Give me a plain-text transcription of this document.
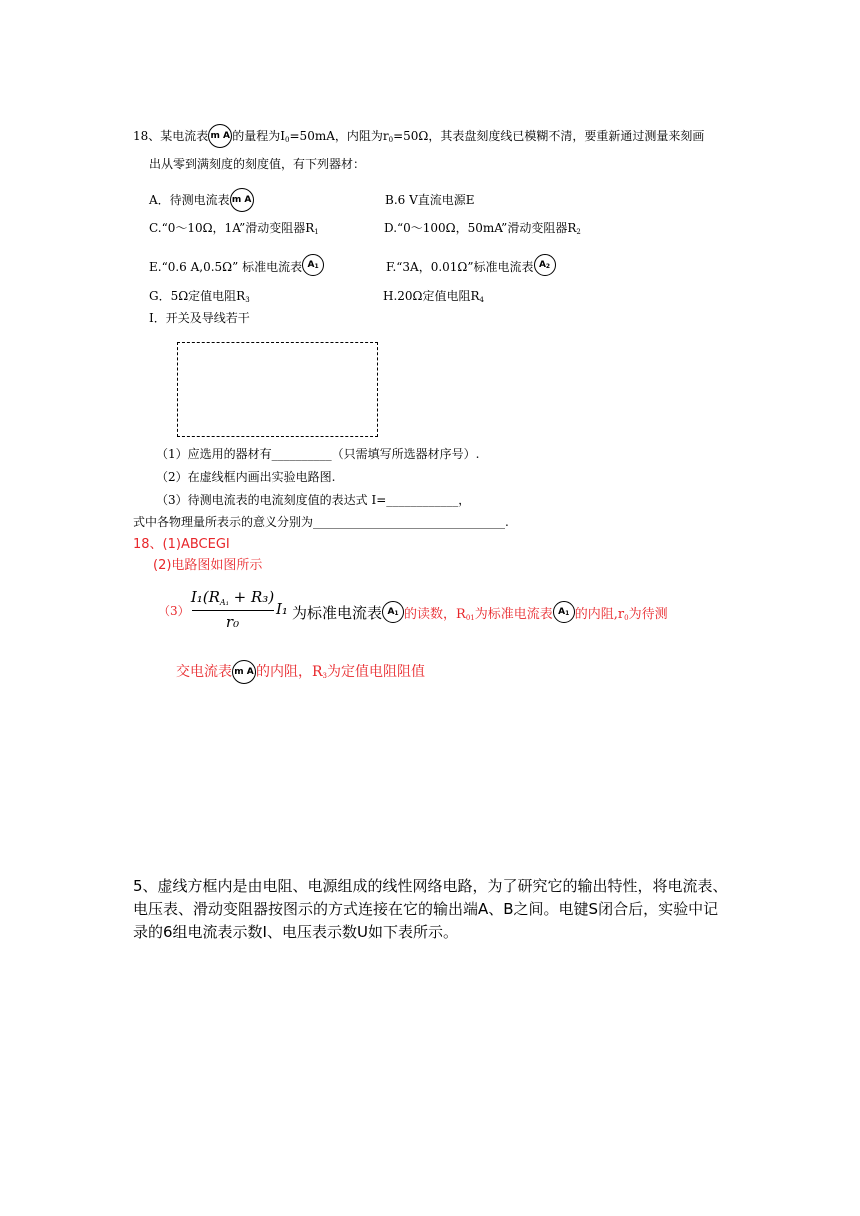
18、某电流表 m A 的量程为$I_0=50mA$，内阻为$r_0=50\Omega$，其表盘刻度线已模糊不清，要重新通过测量来刻画
出从零到满刻度的刻度值，有下列器材：
A．待测电流表 m A	B.6 V直流电源E
C.“0～10Ω，1A”滑动变阻器$R_1$	D.“0～100Ω，50mA”滑动变阻器$R_2$
E.“0.6 A,0.5Ω” 标准电流表 $A_1$	F.“3A，0.01Ω”标准电流表 $A_2$
G．5Ω定值电阻$R_3$	H.20Ω定值电阻$R_4$
I．开关及导线若干
（1）应选用的器材有__________（只需填写所选器材序号）.
（2）在虚线框内画出实验电路图.
（3）待测电流表的电流刻度值的表达式 I=____________，
式中各物理量所表示的意义分别为________________________________.
18、(1)ABCEGI
(2)电路图如图所示
（3）
$I_1(R_{A_1} + R_3)$
r₀
I₁ 为标准电流表 $A_1$ 的读数，$R_{01}$为标准电流表 $A_1$ 的内阻$,r_0$为待测
交电流表 m A 的内阻，$R_3$为定值电阻阻值
5、虚线方框内是由电阻、电源组成的线性网络电路，为了研究它的输出特性，将电流表、
电压表、滑动变阻器按图示的方式连接在它的输出端A、B之间。电键S闭合后，实验中记
录的6组电流表示数I、电压表示数U如下表所示。
